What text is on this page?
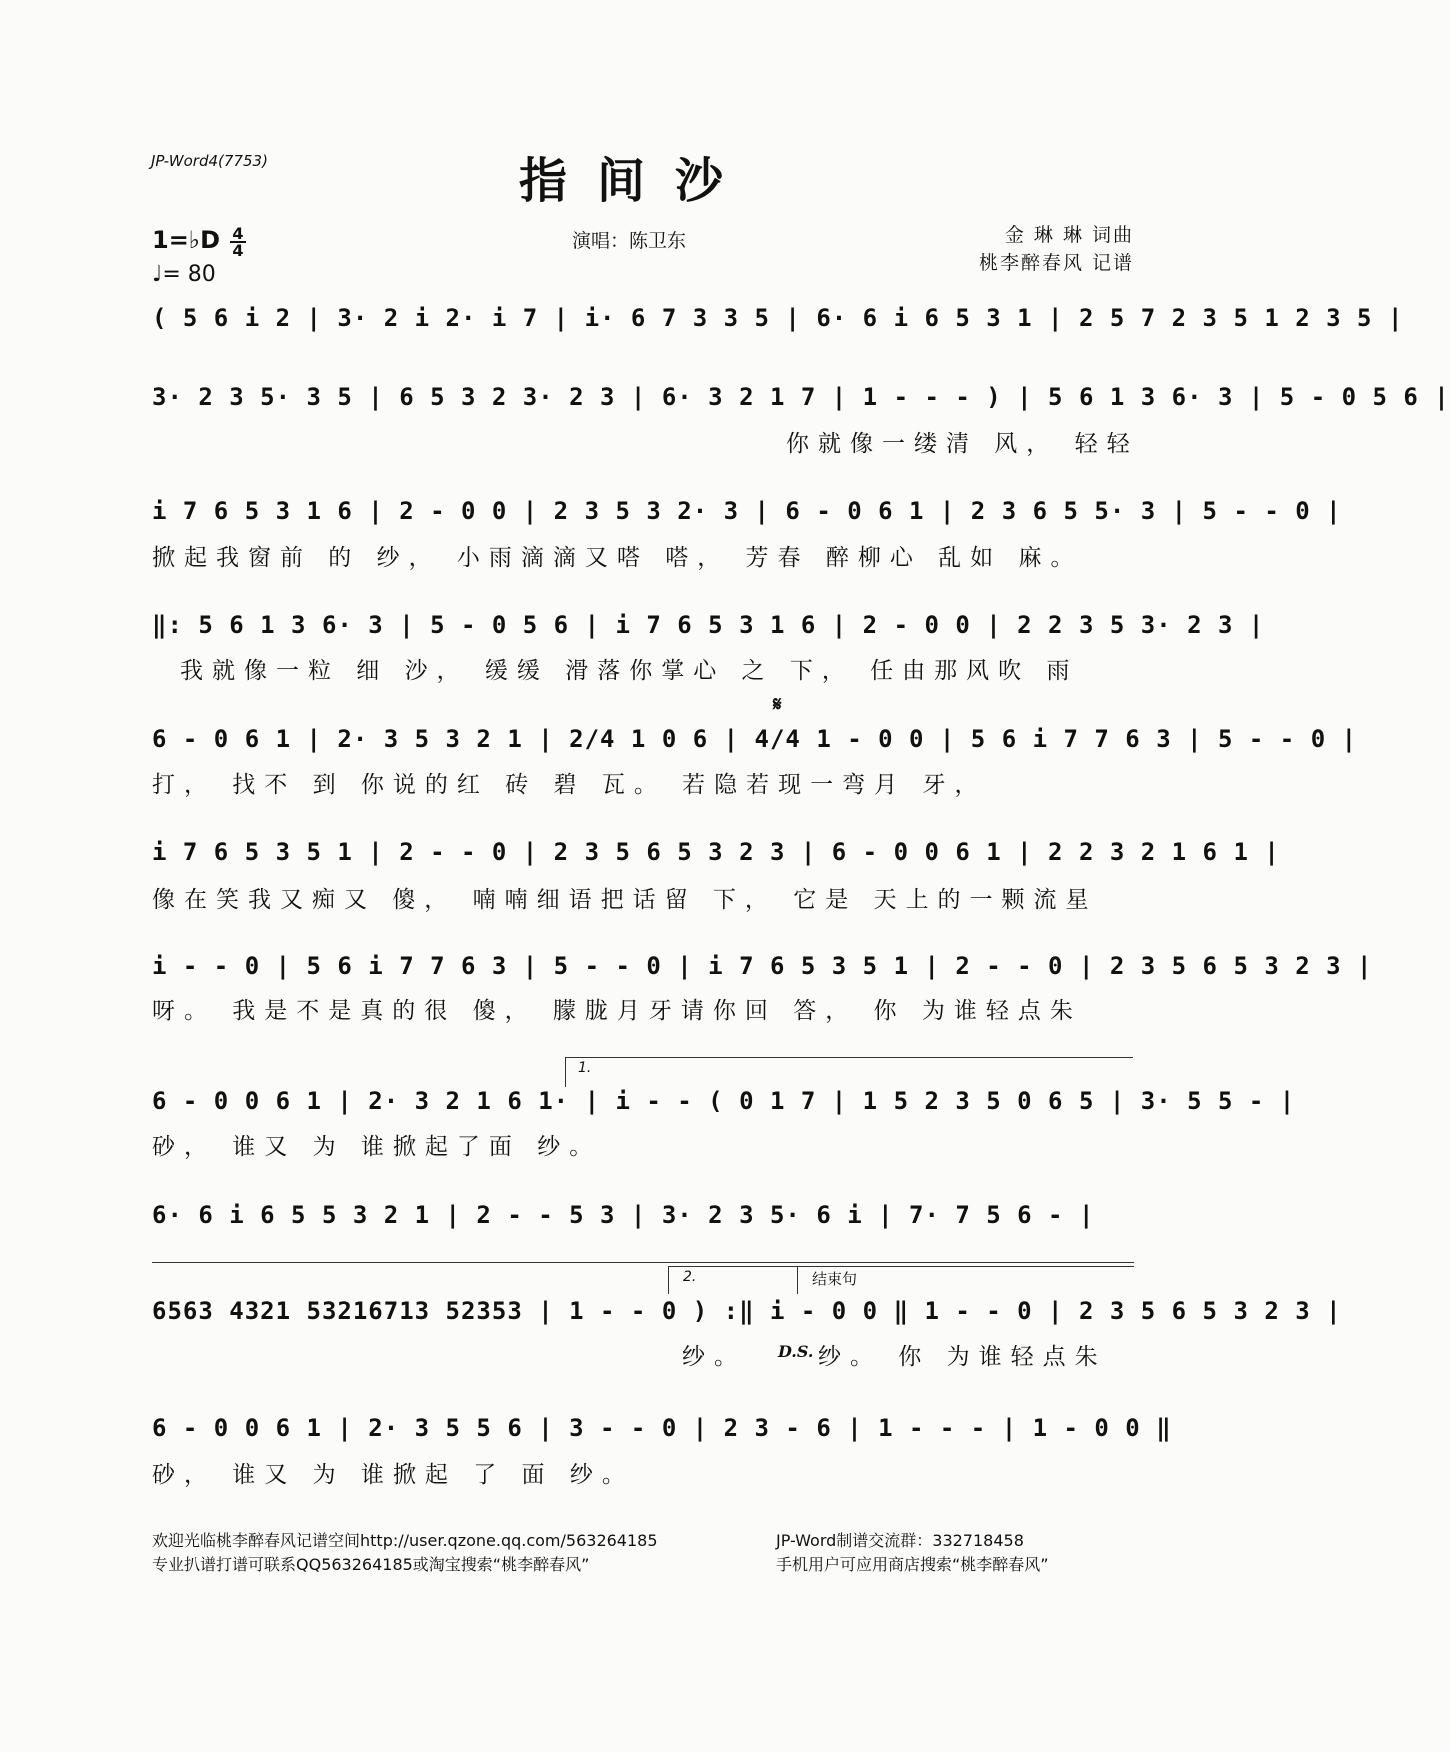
JP-Word4(7753)	指间沙
1=♭D 4
4
♩= 80
演唱：陈卫东	金 琳 琳 词曲
桃李醉春风 记谱
( 5 6 i 2 | 3· 2 i 2· i 7 | i· 6 7 3 3 5 | 6· 6 i 6 5 3 1 | 2 5 7 2 3 5 1 2 3 5 |
3· 2 3 5· 3 5 | 6 5 3 2 3· 2 3 | 6· 3 2 1 7 | 1 - - - ) | 5 6 1 3 6· 3 | 5 - 0 5 6 |
你就像一缕清 风， 轻轻
i 7 6 5 3 1 6 | 2 - 0 0 | 2 3 5 3 2· 3 | 6 - 0 6 1 | 2 3 6 5 5· 3 | 5 - - 0 |
掀起我窗前 的 纱， 小雨滴滴又嗒 嗒， 芳春 醉柳心 乱如 麻。
‖: 5 6 1 3 6· 3 | 5 - 0 5 6 | i 7 6 5 3 1 6 | 2 - 0 0 | 2 2 3 5 3· 2 3 |
我就像一粒 细 沙， 缓缓 滑落你掌心 之 下， 任由那风吹 雨
𝄋
6 - 0 6 1 | 2· 3 5 3 2 1 | 2/4 1 0 6 | 4/4 1 - 0 0 | 5 6 i 7 7 6 3 | 5 - - 0 |
打， 找不 到 你说的红 砖 碧 瓦。 若隐若现一弯月 牙，
i 7 6 5 3 5 1 | 2 - - 0 | 2 3 5 6 5 3 2 3 | 6 - 0 0 6 1 | 2 2 3 2 1 6 1 |
像在笑我又痴又 傻， 喃喃细语把话留 下， 它是 天上的一颗流星
i - - 0 | 5 6 i 7 7 6 3 | 5 - - 0 | i 7 6 5 3 5 1 | 2 - - 0 | 2 3 5 6 5 3 2 3 |
呀。 我是不是真的很 傻， 朦胧月牙请你回 答， 你 为谁轻点朱
1.
6 - 0 0 6 1 | 2· 3 2 1 6 1· | i - - ( 0 1 7 | 1 5 2 3 5 0 6 5 | 3· 5 5 - |
砂， 谁又 为 谁掀起了面 纱。
6· 6 i 6 5 5 3 2 1 | 2 - - 5 3 | 3· 2 3 5· 6 i | 7· 7 5 6 - |
2.	结束句
6563 4321 53216713 52353 | 1 - - 0 ) :‖ i - 0 0 ‖ 1 - - 0 | 2 3 5 6 5 3 2 3 |
纱。	D.S. 纱。 你 为谁轻点朱
6 - 0 0 6 1 | 2· 3 5 5 6 | 3 - - 0 | 2 3 - 6 | 1 - - - | 1 - 0 0 ‖
砂， 谁又 为 谁掀起 了 面 纱。
欢迎光临桃李醉春风记谱空间http://user.qzone.qq.com/563264185	JP-Word制谱交流群：332718458
专业扒谱打谱可联系QQ563264185或淘宝搜索“桃李醉春风”	手机用户可应用商店搜索“桃李醉春风”
